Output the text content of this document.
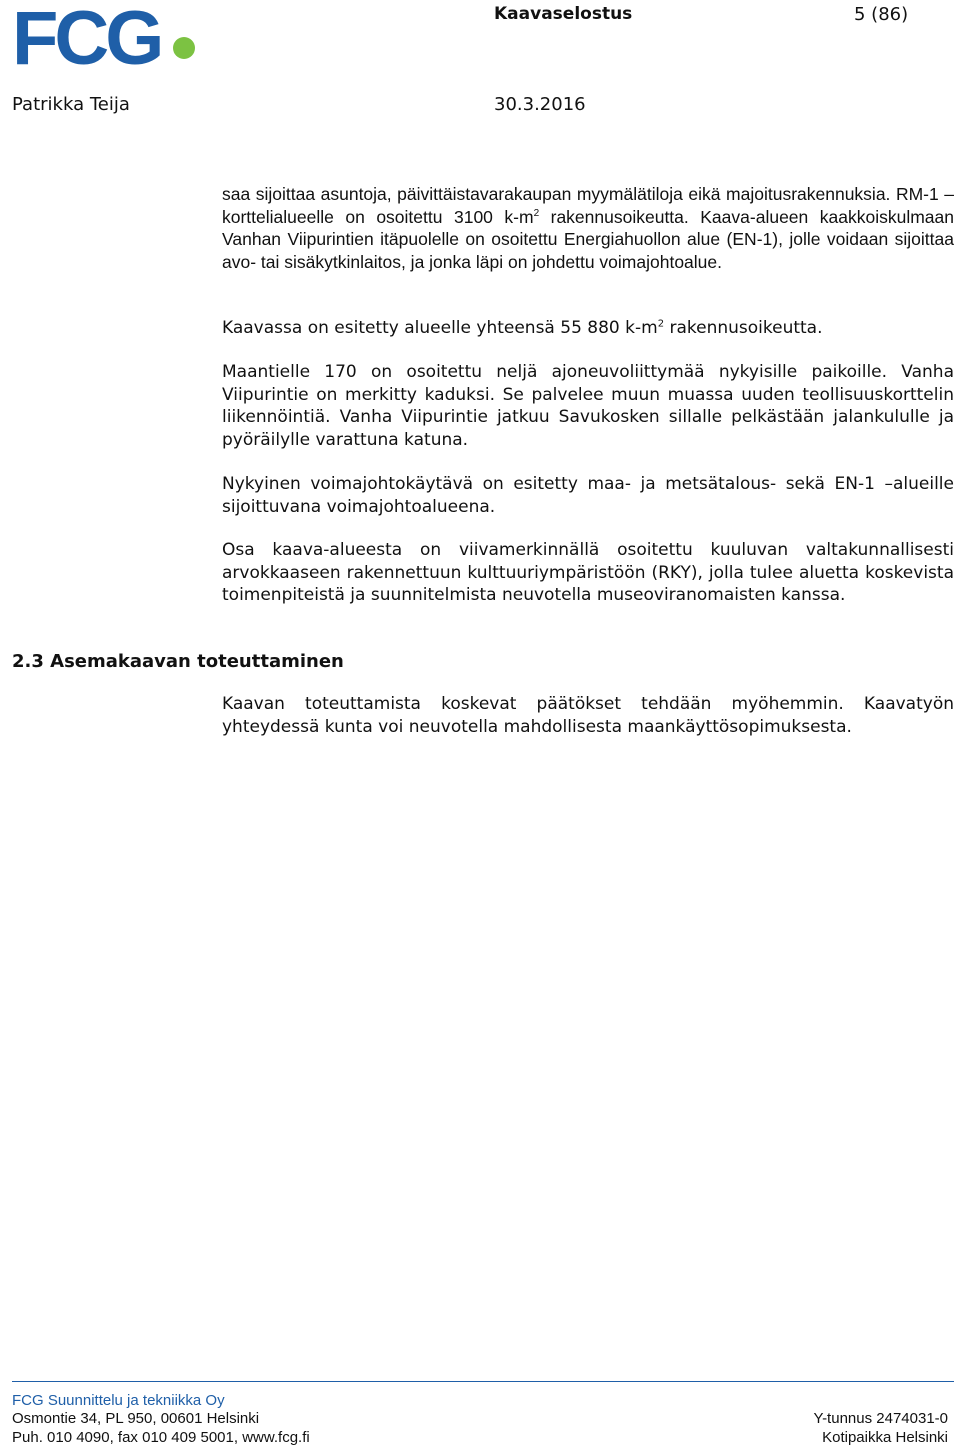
FCG	Kaavaselostus	5 (86)
Patrikka Teija	30.3.2016

saa sijoittaa asuntoja, päivittäistavarakaupan myymälätiloja eikä majoitusrakennuksia. RM-1 –korttelialueelle on osoitettu 3100 $k-m^2$ rakennusoikeutta. Kaava-alueen kaakkoiskulmaan Vanhan Viipurintien itäpuolelle on osoitettu Energiahuollon alue (EN-1), jolle voidaan sijoittaa avo- tai sisäkytkinlaitos, ja jonka läpi on johdettu voimajohtoalue.

Kaavassa on esitetty alueelle yhteensä 55 880 $k-m^2$ rakennusoikeutta.

Maantielle 170 on osoitettu neljä ajoneuvoliittymää nykyisille paikoille. Vanha Viipurintie on merkitty kaduksi. Se palvelee muun muassa uuden teollisuuskorttelin liikennöintiä. Vanha Viipurintie jatkuu Savukosken sillalle pelkästään jalankululle ja pyöräilylle varattuna katuna.

Nykyinen voimajohtokäytävä on esitetty maa- ja metsätalous- sekä EN-1 –alueille sijoittuvana voimajohtoalueena.

Osa kaava-alueesta on viivamerkinnällä osoitettu kuuluvan valtakunnallisesti arvokkaaseen rakennettuun kulttuuriympäristöön (RKY), jolla tulee aluetta koskevista toimenpiteistä ja suunnitelmista neuvotella museoviranomaisten kanssa.

2.3 Asemakaavan toteuttaminen

Kaavan toteuttamista koskevat päätökset tehdään myöhemmin. Kaavatyön yhteydessä kunta voi neuvotella mahdollisesta maankäyttösopimuksesta.

FCG Suunnittelu ja tekniikka Oy
Osmontie 34, PL 950, 00601 Helsinki
Puh. 010 4090, fax 010 409 5001, www.fcg.fi
Y-tunnus 2474031-0
Kotipaikka Helsinki
